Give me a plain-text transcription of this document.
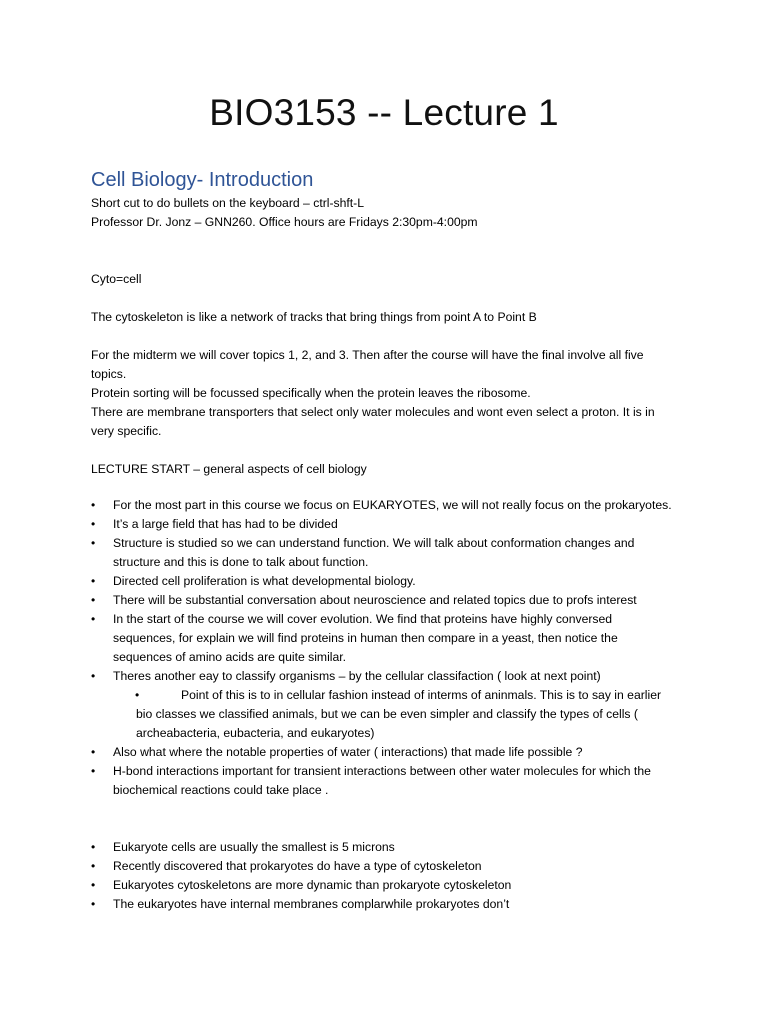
BIO3153 -- Lecture 1
Cell Biology- Introduction
Short cut to do bullets on the keyboard – ctrl-shft-L
Professor Dr. Jonz – GNN260. Office hours are Fridays 2:30pm-4:00pm
Cyto=cell
The cytoskeleton is like a network of tracks that bring things from point A to Point B
For the midterm we will cover topics 1, 2, and 3. Then after the course will have the final involve all five topics.
Protein sorting will be focussed specifically when the protein leaves the ribosome.
There are membrane transporters that select only water molecules and wont even select a proton. It is in very specific.
LECTURE START – general aspects of cell biology
•	For the most part in this course we focus on EUKARYOTES, we will not really focus on the prokaryotes.
•	It’s a large field that has had to be divided
•	Structure is studied so we can understand function. We will talk about conformation changes and structure and this is done to talk about function.
•	Directed cell proliferation is what developmental biology.
•	There will be substantial conversation about neuroscience and related topics due to profs interest
•	In the start of the course we will cover evolution. We find that proteins have highly conversed sequences, for explain we will find proteins in human then compare in a yeast, then notice the sequences of amino acids are quite similar.
•	Theres another eay to classify organisms – by the cellular classifaction ( look at next point)
•	Point of this is to in cellular fashion instead of interms of aninmals. This is to say in earlier bio classes we classified animals, but we can be even simpler and classify the types of cells ( archeabacteria, eubacteria, and eukaryotes)
•	Also what where the notable properties of water ( interactions) that made life possible ?
•	H-bond interactions important for transient interactions between other water molecules for which the biochemical reactions could take place .
•	Eukaryote cells are usually the smallest is 5 microns
•	Recently discovered that prokaryotes do have a type of cytoskeleton
•	Eukaryotes cytoskeletons are more dynamic than prokaryote cytoskeleton
•	The eukaryotes have internal membranes complarwhile prokaryotes don’t
